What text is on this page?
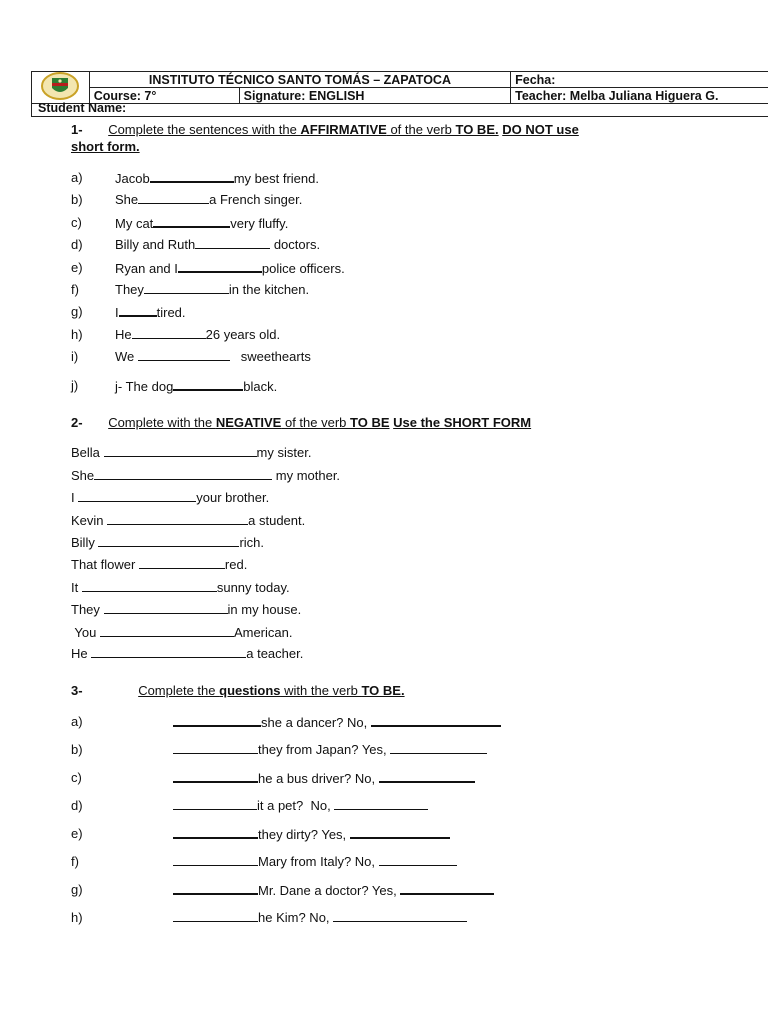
	INSTITUTO TÉCNICO SANTO TOMÁS – ZAPATOCA		Fecha:
	Course: 7°	Signature: ENGLISH	Teacher: Melba Juliana Higuera G.
Student Name:
1- Complete the sentences with the AFFIRMATIVE of the verb TO BE. DO NOT use
short form.
a) Jacob	my best friend.
b) She	a French singer.
c)	My cat	very fluffy.
d) Billy and Ruth	doctors.
e) Ryan and I	police officers.
f)	They	in the kitchen.
g) I	tired.
h) He	26 years old.
i)	We	sweethearts
j)	j- The dog	black.
2- Complete with the NEGATIVE of the verb TO BE Use the SHORT FORM
Bella	my sister.
She	my mother.
I	your brother.
Kevin	a student.
Billy	rich.
That flower	red.
It	sunny today.
They	in my house.
You	American.
He	a teacher.
3-	Complete the questions with the verb TO BE.
a)	she a dancer? No,
b)	they from Japan? Yes,
c)	he a bus driver? No,
d)	it a pet?  No,
e)	they dirty? Yes,
f)	Mary from Italy? No,
g)	Mr. Dane a doctor? Yes,
h)	he Kim? No,
